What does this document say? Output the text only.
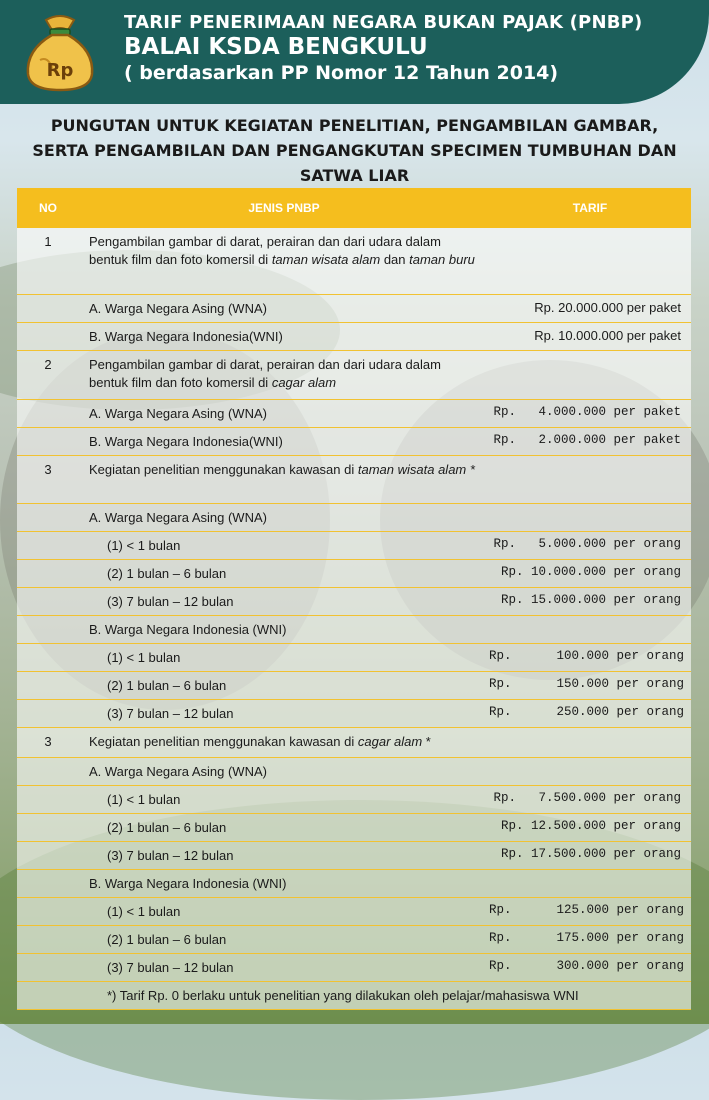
Rp
TARIF PENERIMAAN NEGARA BUKAN PAJAK (PNBP)
BALAI KSDA BENGKULU
( berdasarkan PP Nomor 12 Tahun 2014)
PUNGUTAN UNTUK KEGIATAN PENELITIAN, PENGAMBILAN GAMBAR,
SERTA PENGAMBILAN DAN PENGANGKUTAN SPECIMEN TUMBUHAN DAN
SATWA LIAR
NO	JENIS PNBP	TARIF
1	Pengambilan gambar di darat, perairan dan dari udara dalam bentuk film dan foto komersil di taman wisata alam dan taman buru
A. Warga Negara Asing (WNA)	Rp. 20.000.000 per paket
B. Warga Negara Indonesia(WNI)	Rp. 10.000.000 per paket
2	Pengambilan gambar di darat, perairan dan dari udara dalam bentuk film dan foto komersil di cagar alam
A. Warga Negara Asing (WNA)	Rp.   4.000.000 per paket
B. Warga Negara Indonesia(WNI)	Rp.   2.000.000 per paket
3	Kegiatan penelitian menggunakan kawasan di taman wisata alam *
A. Warga Negara Asing (WNA)
(1) < 1 bulan	Rp.   5.000.000 per orang
(2) 1 bulan – 6 bulan	Rp. 10.000.000 per orang
(3) 7 bulan – 12 bulan	Rp. 15.000.000 per orang
B. Warga Negara Indonesia (WNI)
(1) < 1 bulan	Rp.      100.000 per orang
(2) 1 bulan – 6 bulan	Rp.      150.000 per orang
(3) 7 bulan – 12 bulan	Rp.      250.000 per orang
3	Kegiatan penelitian menggunakan kawasan di cagar alam *
A. Warga Negara Asing (WNA)
(1) < 1 bulan	Rp.   7.500.000 per orang
(2) 1 bulan – 6 bulan	Rp. 12.500.000 per orang
(3) 7 bulan – 12 bulan	Rp. 17.500.000 per orang
B. Warga Negara Indonesia (WNI)
(1) < 1 bulan	Rp.      125.000 per orang
(2) 1 bulan – 6 bulan	Rp.      175.000 per orang
(3) 7 bulan – 12 bulan	Rp.      300.000 per orang
*) Tarif Rp. 0 berlaku untuk penelitian yang dilakukan oleh pelajar/mahasiswa WNI
